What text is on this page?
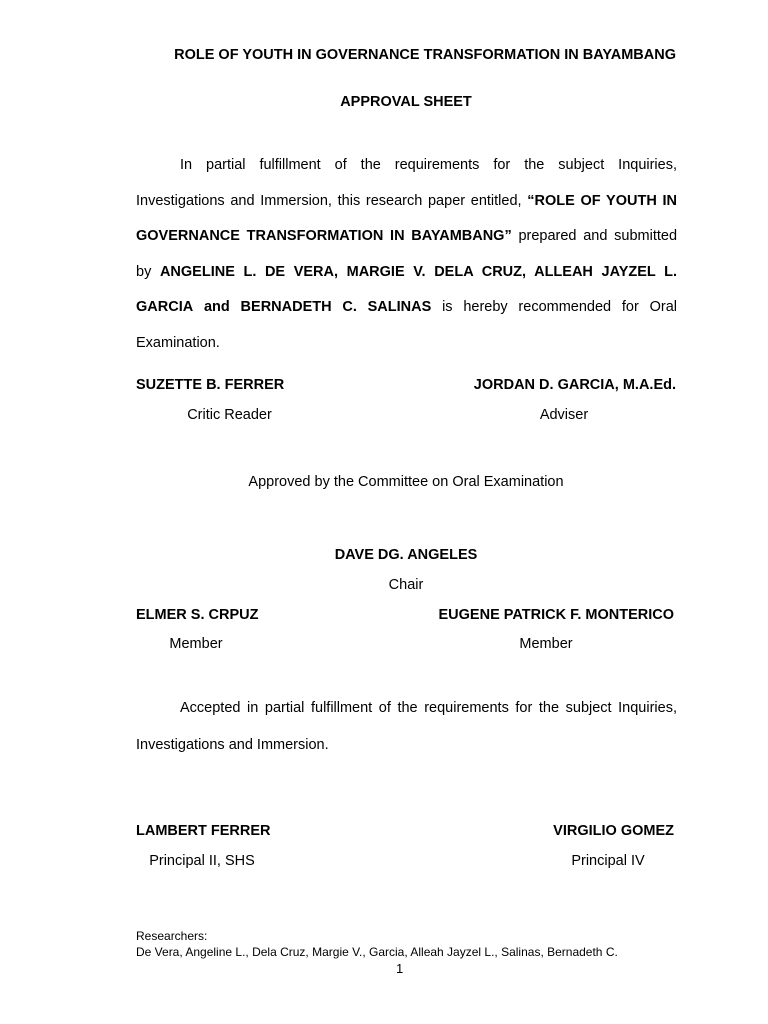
ROLE OF YOUTH IN GOVERNANCE TRANSFORMATION IN BAYAMBANG
APPROVAL SHEET

In partial fulfillment of the requirements for the subject Inquiries, Investigations and Immersion, this research paper entitled, “ROLE OF YOUTH IN GOVERNANCE TRANSFORMATION IN BAYAMBANG” prepared and submitted by ANGELINE L. DE VERA, MARGIE V. DELA CRUZ, ALLEAH JAYZEL L. GARCIA and BERNADETH C. SALINAS is hereby recommended for Oral Examination.

SUZETTE B. FERRER
Critic Reader
JORDAN D. GARCIA, M.A.Ed.
Adviser
Approved by the Committee on Oral Examination
DAVE DG. ANGELES
Chair
ELMER S. CRPUZ
Member
EUGENE PATRICK F. MONTERICO
Member

Accepted in partial fulfillment of the requirements for the subject Inquiries, Investigations and Immersion.

LAMBERT FERRER
Principal II, SHS
VIRGILIO GOMEZ
Principal IV
Researchers:
De Vera, Angeline L., Dela Cruz, Margie V., Garcia, Alleah Jayzel L., Salinas, Bernadeth C.
1
